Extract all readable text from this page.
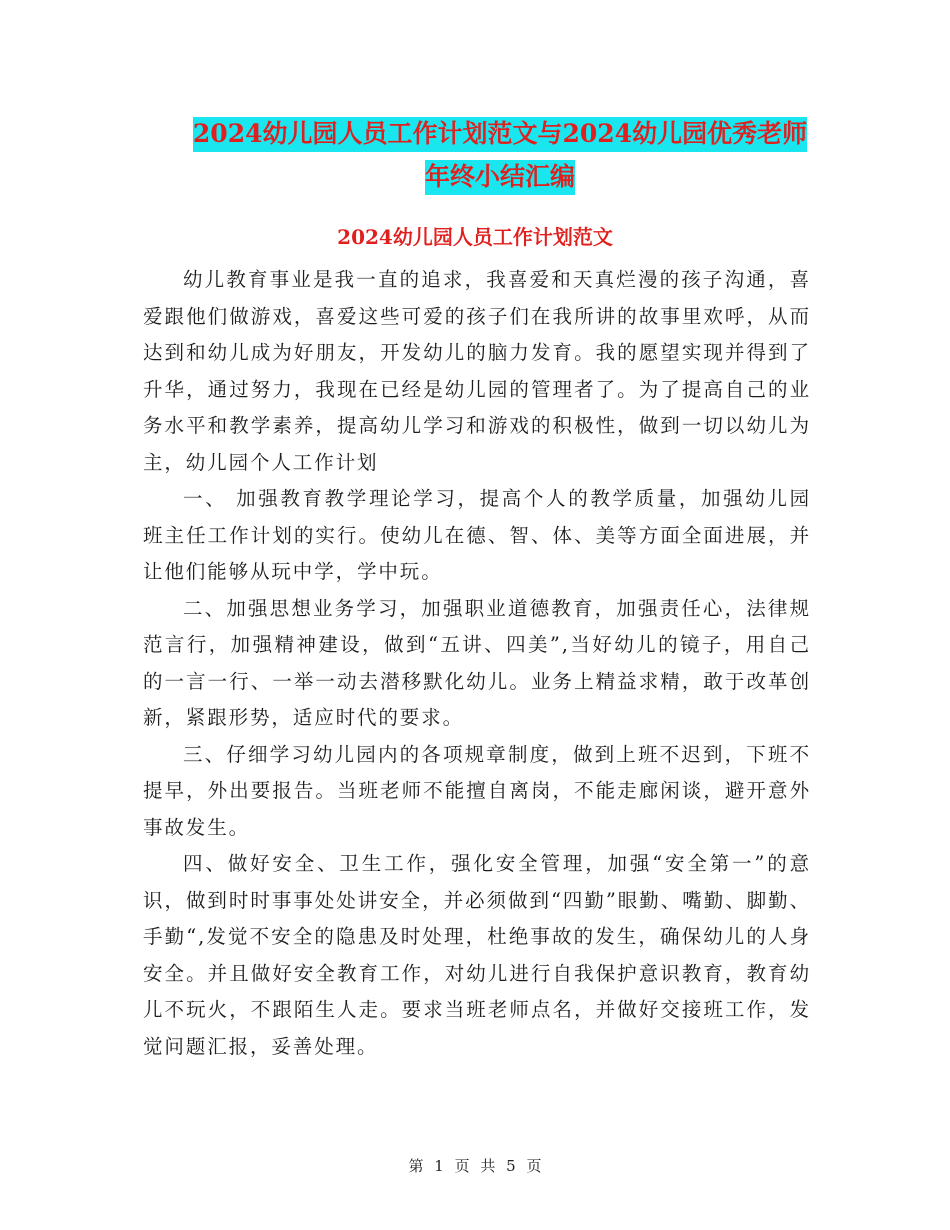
2024幼儿园人员工作计划范文与2024幼儿园优秀老师
年终小结汇编
2024幼儿园人员工作计划范文

幼儿教育事业是我一直的追求，我喜爱和天真烂漫的孩子沟通，喜爱跟他们做游戏，喜爱这些可爱的孩子们在我所讲的故事里欢呼，从而达到和幼儿成为好朋友，开发幼儿的脑力发育。我的愿望实现并得到了升华，通过努力，我现在已经是幼儿园的管理者了。为了提高自己的业务水平和教学素养，提高幼儿学习和游戏的积极性，做到一切以幼儿为主，幼儿园个人工作计划

一、 加强教育教学理论学习，提高个人的教学质量，加强幼儿园班主任工作计划的实行。使幼儿在德、智、体、美等方面全面进展，并让他们能够从玩中学，学中玩。

二、加强思想业务学习，加强职业道德教育，加强责任心，法律规范言行，加强精神建设，做到“五讲、四美”,当好幼儿的镜子，用自己的一言一行、一举一动去潜移默化幼儿。业务上精益求精，敢于改革创新，紧跟形势，适应时代的要求。

三、仔细学习幼儿园内的各项规章制度，做到上班不迟到，下班不提早，外出要报告。当班老师不能擅自离岗，不能走廊闲谈，避开意外事故发生。

四、做好安全、卫生工作，强化安全管理，加强“安全第一”的意识，做到时时事事处处讲安全，并必须做到“四勤”眼勤、嘴勤、脚勤、手勤“,发觉不安全的隐患及时处理，杜绝事故的发生，确保幼儿的人身安全。并且做好安全教育工作，对幼儿进行自我保护意识教育，教育幼儿不玩火，不跟陌生人走。要求当班老师点名，并做好交接班工作，发觉问题汇报，妥善处理。

第 1 页 共 5 页
